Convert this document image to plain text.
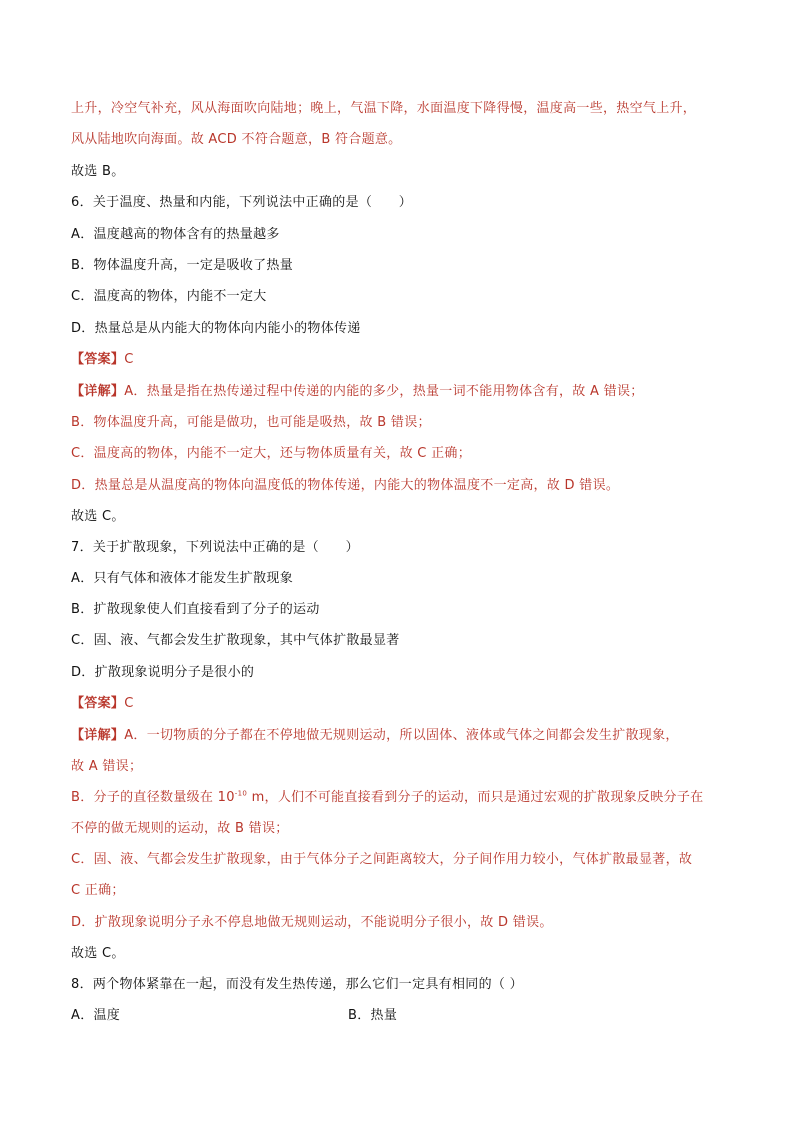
上升，冷空气补充，风从海面吹向陆地；晚上，气温下降，水面温度下降得慢，温度高一些，热空气上升，
风从陆地吹向海面。故 ACD 不符合题意，B 符合题意。
故选 B。
6．关于温度、热量和内能，下列说法中正确的是（　　）
A．温度越高的物体含有的热量越多
B．物体温度升高，一定是吸收了热量
C．温度高的物体，内能不一定大
D．热量总是从内能大的物体向内能小的物体传递
【答案】C
【详解】A．热量是指在热传递过程中传递的内能的多少，热量一词不能用物体含有，故 A 错误；
B．物体温度升高，可能是做功，也可能是吸热，故 B 错误；
C．温度高的物体，内能不一定大，还与物体质量有关，故 C 正确；
D．热量总是从温度高的物体向温度低的物体传递，内能大的物体温度不一定高，故 D 错误。
故选 C。
7．关于扩散现象，下列说法中正确的是（　　）
A．只有气体和液体才能发生扩散现象
B．扩散现象使人们直接看到了分子的运动
C．固、液、气都会发生扩散现象，其中气体扩散最显著
D．扩散现象说明分子是很小的
【答案】C
【详解】A．一切物质的分子都在不停地做无规则运动，所以固体、液体或气体之间都会发生扩散现象，
故 A 错误；
B．分子的直径数量级在 $10^{-10}$ m，人们不可能直接看到分子的运动，而只是通过宏观的扩散现象反映分子在
不停的做无规则的运动，故 B 错误；
C．固、液、气都会发生扩散现象，由于气体分子之间距离较大，分子间作用力较小，气体扩散最显著，故
C 正确；
D．扩散现象说明分子永不停息地做无规则运动，不能说明分子很小，故 D 错误。
故选 C。
8．两个物体紧靠在一起，而没有发生热传递，那么它们一定具有相同的（ ）
A．温度	B．热量
